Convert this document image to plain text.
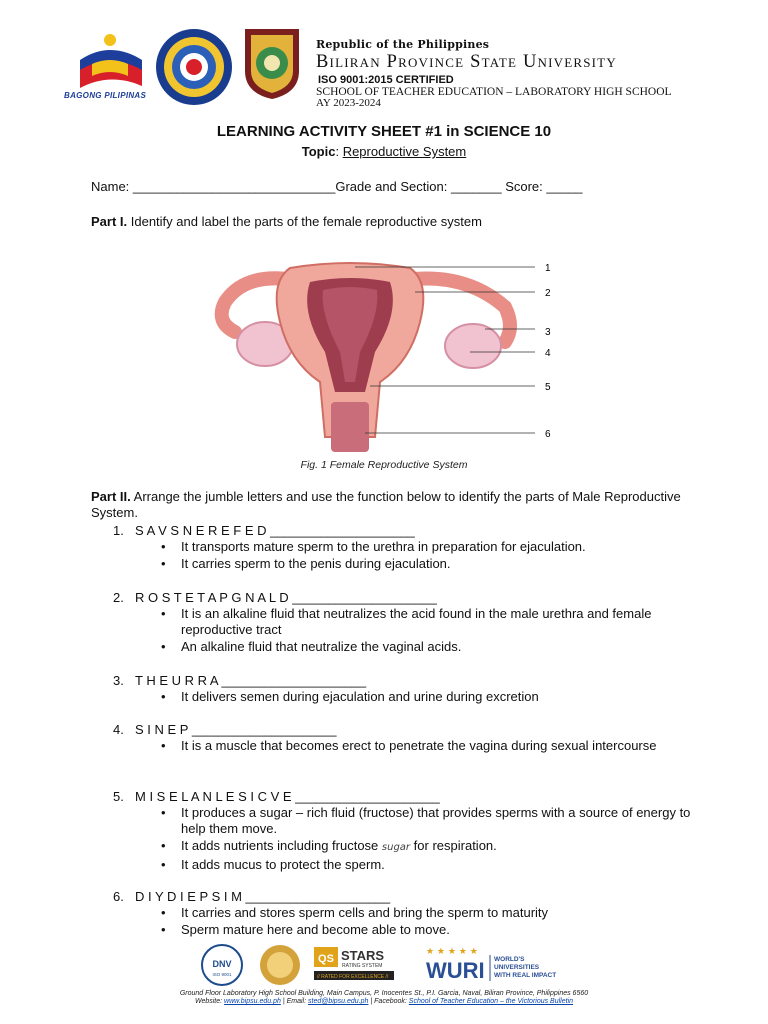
BAGONG PILIPINAS
Republic of the Philippines
Biliran Province State University
ISO 9001:2015 CERTIFIED
SCHOOL OF TEACHER EDUCATION – LABORATORY HIGH SCHOOL
AY 2023-2024
LEARNING ACTIVITY SHEET #1 in SCIENCE 10
Topic: Reproductive System
Name: ____________________________Grade and Section: _______ Score: _____
Part I. Identify and label the parts of the female reproductive system
1
2
3
4
5
6
Fig. 1 Female Reproductive System
Part II. Arrange the jumble letters and use the function below to identify the parts of Male Reproductive System.
1. S A V S N E R E F E D ____________________
• It transports mature sperm to the urethra in preparation for ejaculation.
• It carries sperm to the penis during ejaculation.
2. R O S T E T A P G N A L D ____________________
• It is an alkaline fluid that neutralizes the acid found in the male urethra and female reproductive tract
• An alkaline fluid that neutralize the vaginal acids.
3. T H E U R R A ____________________
• It delivers semen during ejaculation and urine during excretion
4. S I N E P ____________________
• It is a muscle that becomes erect to penetrate the vagina during sexual intercourse
5. M I S E L A N L E S I C V E ____________________
• It produces a sugar – rich fluid (fructose) that provides sperms with a source of energy to help them move.
• It adds nutrients including fructose sugar for respiration.
• It adds mucus to protect the sperm.
6. D I Y D I E P S I M ____________________
• It carries and stores sperm cells and bring the sperm to maturity
• Sperm mature here and become able to move.
DNV
ISO 9001
QS STARS
RATING SYSTEM
// RATED FOR EXCELLENCE //
★ ★ ★ ★ ★
WURI WORLD'S
UNIVERSITIES
WITH REAL IMPACT
Ground Floor Laboratory High School Building, Main Campus, P. Inocentes St., P.I. Garcia, Naval, Biliran Province, Philippines 6560
Website: www.bipsu.edu.ph | Email: sted@bipsu.edu.ph | Facebook: School of Teacher Education – the Victorious Bulletin
